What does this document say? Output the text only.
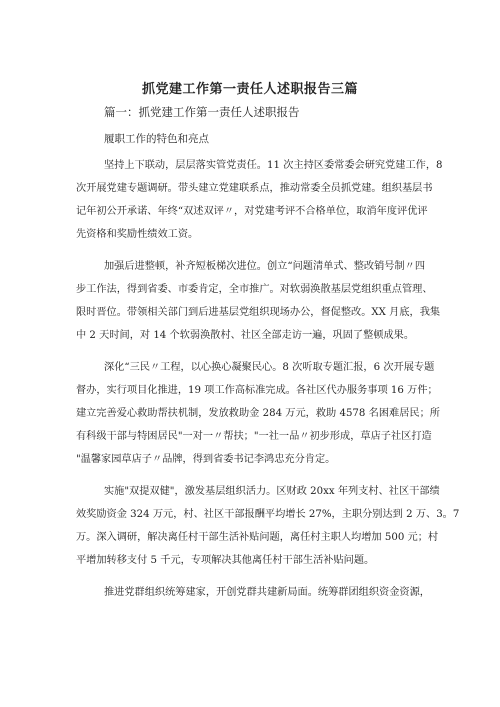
抓党建工作第一责任人述职报告三篇
篇一：抓党建工作第一责任人述职报告
履职工作的特色和亮点
坚持上下联动，层层落实管党责任。11 次主持区委常委会研究党建工作，8
次开展党建专题调研。带头建立党建联系点，推动常委全员抓党建。组织基层书
记年初公开承诺、年终“双述双评〃，对党建考评不合格单位，取消年度评优评
先资格和奖励性绩效工资。
加强后进整顿，补齐短板梯次进位。创立“问题清单式、整改销号制〃四
步工作法，得到省委、市委肯定，全市推广。对软弱涣散基层党组织重点管理、
限时晋位。带领相关部门到后进基层党组织现场办公，督促整改。XX 月底，我集
中 2 天时间，对 14 个软弱涣散村、社区全部走访一遍，巩固了整顿成果。
深化“三民〃工程，以心换心凝聚民心。8 次听取专题汇报，6 次开展专题
督办，实行项目化推进，19 项工作高标准完成。各社区代办服务事项 16 万件；
建立完善爱心救助帮扶机制，发放救助金 284 万元，救助 4578 名困难居民；所
有科级干部与特困居民"一对一〃帮扶；"一社一品〃初步形成，草店子社区打造
"温馨家园草店子〃品牌，得到省委书记李鸿忠充分肯定。
实施"双提双健"，激发基层组织活力。区财政 20xx 年列支村、社区干部绩
效奖励资金 324 万元，村、社区干部报酬平均增长 27%，主职分别达到 2 万、3。7
万。深入调研，解决离任村干部生活补贴问题，离任村主职人均增加 500 元；村
平增加转移支付 5 千元，专项解决其他离任村干部生活补贴问题。
推进党群组织统筹建家，开创党群共建新局面。统筹群团组织资金资源，
